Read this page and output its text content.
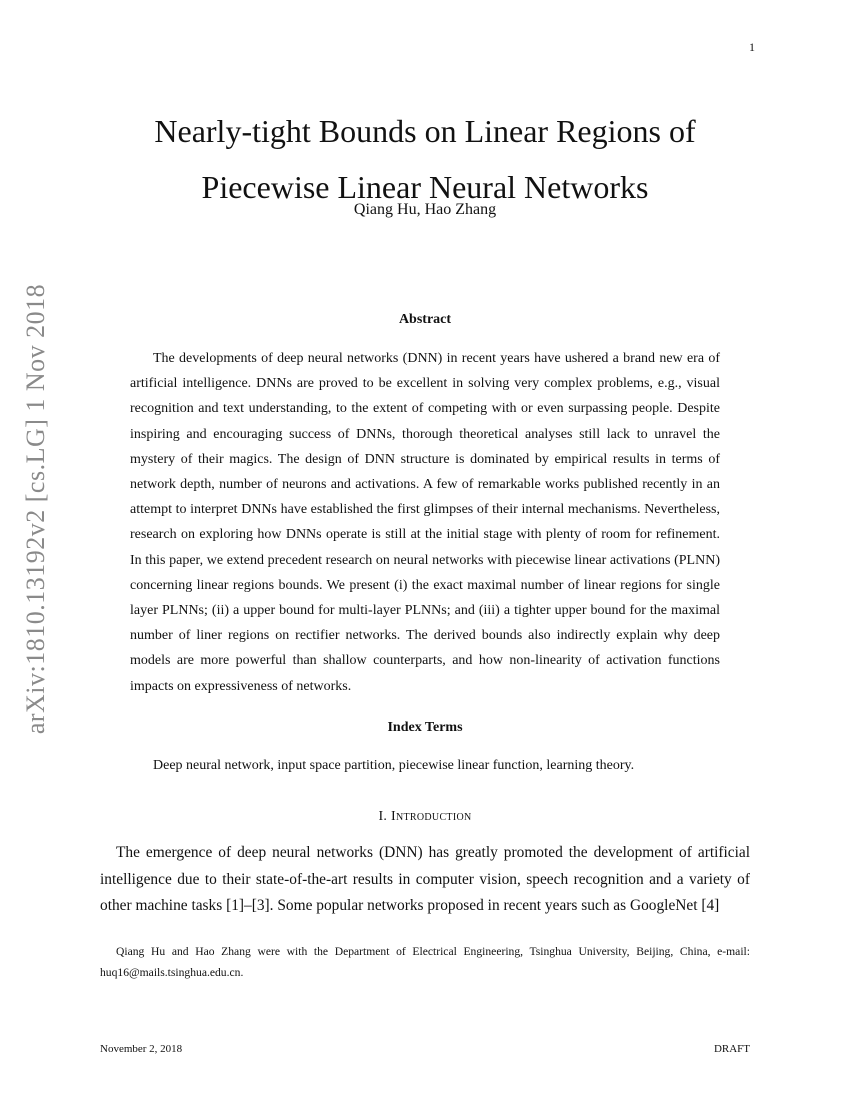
1
arXiv:1810.13192v2 [cs.LG] 1 Nov 2018
Nearly-tight Bounds on Linear Regions of Piecewise Linear Neural Networks
Qiang Hu, Hao Zhang
Abstract

The developments of deep neural networks (DNN) in recent years have ushered a brand new era of artificial intelligence. DNNs are proved to be excellent in solving very complex problems, e.g., visual recognition and text understanding, to the extent of competing with or even surpassing people. Despite inspiring and encouraging success of DNNs, thorough theoretical analyses still lack to unravel the mystery of their magics. The design of DNN structure is dominated by empirical results in terms of network depth, number of neurons and activations. A few of remarkable works published recently in an attempt to interpret DNNs have established the first glimpses of their internal mechanisms. Nevertheless, research on exploring how DNNs operate is still at the initial stage with plenty of room for refinement. In this paper, we extend precedent research on neural networks with piecewise linear activations (PLNN) concerning linear regions bounds. We present (i) the exact maximal number of linear regions for single layer PLNNs; (ii) a upper bound for multi-layer PLNNs; and (iii) a tighter upper bound for the maximal number of liner regions on rectifier networks. The derived bounds also indirectly explain why deep models are more powerful than shallow counterparts, and how non-linearity of activation functions impacts on expressiveness of networks.

Index Terms
Deep neural network, input space partition, piecewise linear function, learning theory.
I. Introduction

The emergence of deep neural networks (DNN) has greatly promoted the development of artificial intelligence due to their state-of-the-art results in computer vision, speech recognition and a variety of other machine tasks [1]–[3]. Some popular networks proposed in recent years such as GoogleNet [4]

Qiang Hu and Hao Zhang were with the Department of Electrical Engineering, Tsinghua University, Beijing, China, e-mail: huq16@mails.tsinghua.edu.cn.

November 2, 2018	DRAFT
